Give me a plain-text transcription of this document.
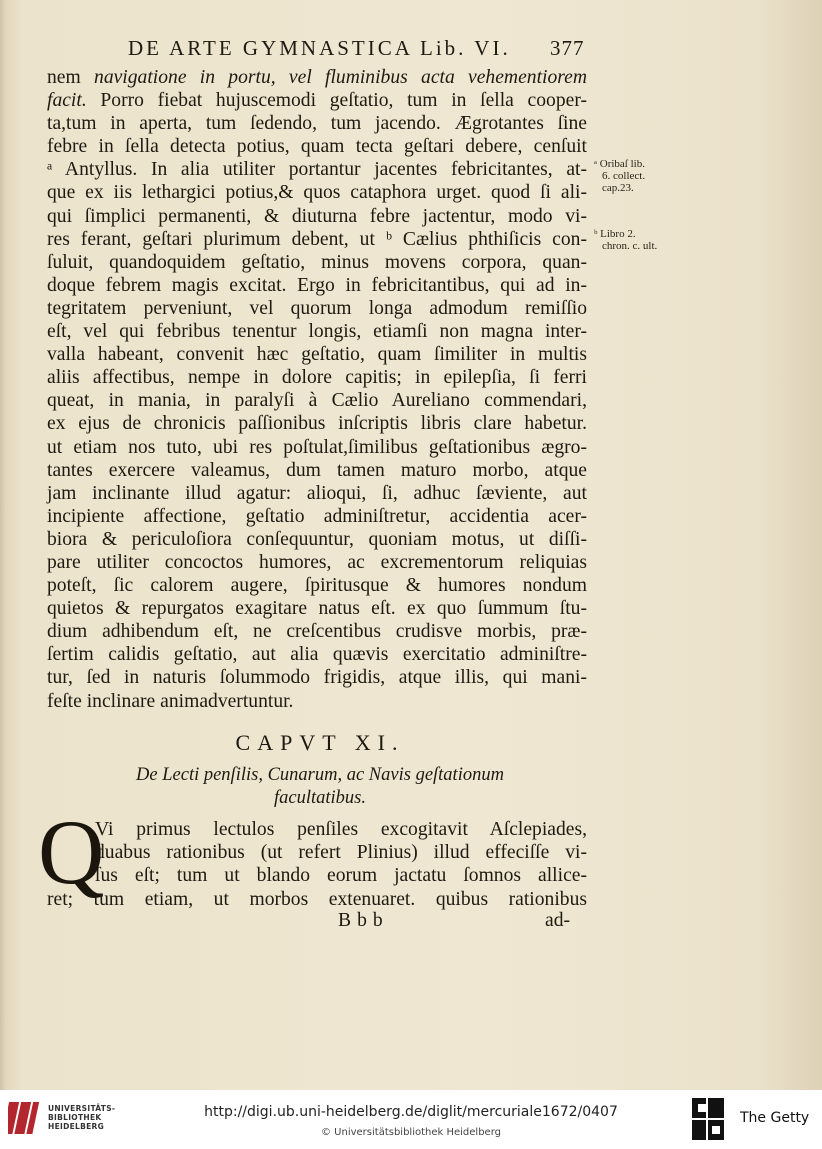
DE ARTE GYMNASTICA Lib. VI. 377
nem navigatione in portu, vel fluminibus acta vehementiorem
facit. Porro fiebat hujuscemodi geſtatio, tum in ſella cooper-
ta,tum in aperta, tum ſedendo, tum jacendo. Ægrotantes ſine
febre in ſella detecta potius, quam tecta geſtari debere, cenſuit
ᵃ Antyllus. In alia utiliter portantur jacentes febricitantes, at-
que ex iis lethargici potius,& quos cataphora urget. quod ſi ali-
qui ſimplici permanenti, & diuturna febre jactentur, modo vi-
res ferant, geſtari plurimum debent, ut ᵇ Cælius phthiſicis con-
ſuluit, quandoquidem geſtatio, minus movens corpora, quan-
doque febrem magis excitat. Ergo in febricitantibus, qui ad in-
tegritatem perveniunt, vel quorum longa admodum remiſſio
eſt, vel qui febribus tenentur longis, etiamſi non magna inter-
valla habeant, convenit hæc geſtatio, quam ſimiliter in multis
aliis affectibus, nempe in dolore capitis; in epilepſia, ſi ferri
queat, in mania, in paralyſi à Cælio Aureliano commendari,
ex ejus de chronicis paſſionibus inſcriptis libris clare habetur.
ut etiam nos tuto, ubi res poſtulat,ſimilibus geſtationibus ægro-
tantes exercere valeamus, dum tamen maturo morbo, atque
jam inclinante illud agatur: alioqui, ſi, adhuc ſæviente, aut
incipiente affectione, geſtatio adminiſtretur, accidentia acer-
biora & periculoſiora conſequuntur, quoniam motus, ut diſſi-
pare utiliter concoctos humores, ac excrementorum reliquias
poteſt, ſic calorem augere, ſpiritusque & humores nondum
quietos & repurgatos exagitare natus eſt. ex quo ſummum ſtu-
dium adhibendum eſt, ne creſcentibus crudisve morbis, præ-
ſertim calidis geſtatio, aut alia quævis exercitatio adminiſtre-
tur, ſed in naturis ſolummodo frigidis, atque illis, qui mani-
feſte inclinare animadvertuntur.
ᵃ Oribaſ lib.
6. collect.
cap.23.
ᵇ Libro 2.
chron. c. ult.
CAPVT XI.
De Lecti penſilis, Cunarum, ac Navis geſtationum
facultatibus.
Q
Vi primus lectulos penſiles excogitavit Aſclepiades,
duabus rationibus (ut refert Plinius) illud effeciſſe vi-
ſus eſt; tum ut blando eorum jactatu ſomnos allice-
ret; tum etiam, ut morbos extenuaret. quibus rationibus
Bbb	ad-
UNIVERSITÄTS-
BIBLIOTHEK
HEIDELBERG
http://digi.ub.uni-heidelberg.de/diglit/mercuriale1672/0407
© Universitätsbibliothek Heidelberg
The Getty
